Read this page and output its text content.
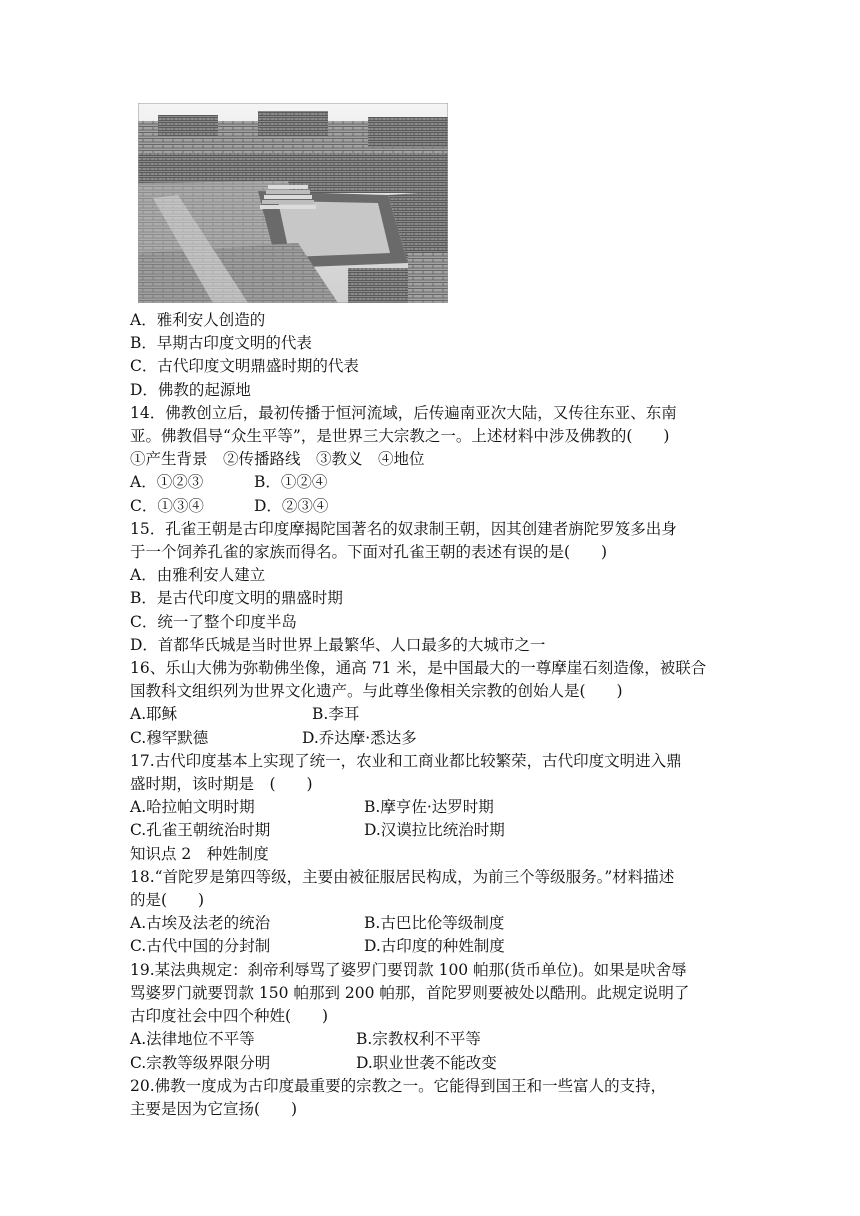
A．雅利安人创造的
B．早期古印度文明的代表
C．古代印度文明鼎盛时期的代表
D．佛教的起源地
14．佛教创立后，最初传播于恒河流域，后传遍南亚次大陆，又传往东亚、东南
亚。佛教倡导“众生平等”，是世界三大宗教之一。上述材料中涉及佛教的(　　)
①产生背景　②传播路线　③教义　④地位
A．①②③	B．①②④
C．①③④	D．②③④
15．孔雀王朝是古印度摩揭陀国著名的奴隶制王朝，因其创建者旃陀罗笈多出身
于一个饲养孔雀的家族而得名。下面对孔雀王朝的表述有误的是(　　)
A．由雅利安人建立
B．是古代印度文明的鼎盛时期
C．统一了整个印度半岛
D．首都华氏城是当时世界上最繁华、人口最多的大城市之一
16、乐山大佛为弥勒佛坐像，通高 71 米，是中国最大的一尊摩崖石刻造像，被联合
国教科文组织列为世界文化遗产。与此尊坐像相关宗教的创始人是(　　)
A.耶稣	B.李耳
C.穆罕默德	D.乔达摩·悉达多
17.古代印度基本上实现了统一，农业和工商业都比较繁荣，古代印度文明进入鼎
盛时期，该时期是　(　　)
A.哈拉帕文明时期	B.摩亨佐·达罗时期
C.孔雀王朝统治时期	D.汉谟拉比统治时期
知识点 2　种姓制度
18.“首陀罗是第四等级，主要由被征服居民构成，为前三个等级服务。”材料描述
的是(　　)
A.古埃及法老的统治	B.古巴比伦等级制度
C.古代中国的分封制	D.古印度的种姓制度
19.某法典规定：刹帝利辱骂了婆罗门要罚款 100 帕那(货币单位)。如果是吠舍辱
骂婆罗门就要罚款 150 帕那到 200 帕那，首陀罗则要被处以酷刑。此规定说明了
古印度社会中四个种姓(　　)
A.法律地位不平等	B.宗教权利不平等
C.宗教等级界限分明	D.职业世袭不能改变
20.佛教一度成为古印度最重要的宗教之一。它能得到国王和一些富人的支持，
主要是因为它宣扬(　　)
